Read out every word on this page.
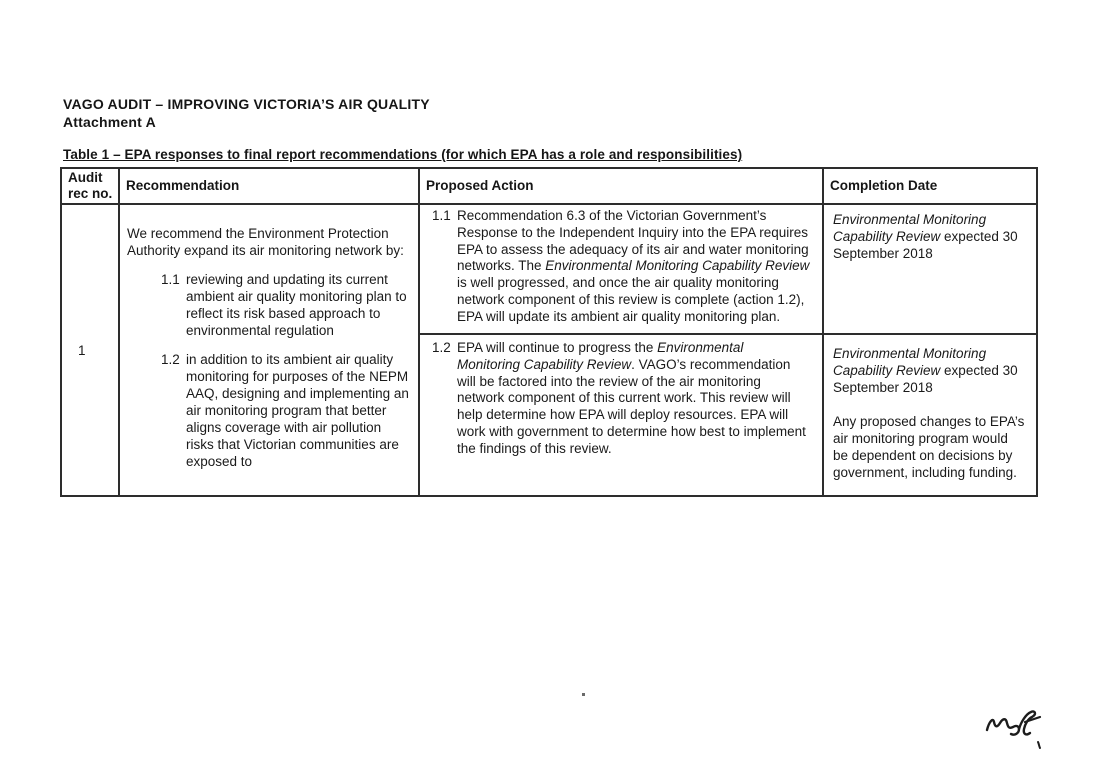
VAGO AUDIT – IMPROVING VICTORIA’S AIR QUALITY
Attachment A
Table 1 – EPA responses to final report recommendations (for which EPA has a role and responsibilities)
Audit rec no.
Recommendation	Proposed Action	Completion Date
1
We recommend the Environment Protection Authority expand its air monitoring network by:
1.1 reviewing and updating its current ambient air quality monitoring plan to reflect its risk based approach to environmental regulation
1.2 in addition to its ambient air quality monitoring for purposes of the NEPM AAQ, designing and implementing an air monitoring program that better aligns coverage with air pollution risks that Victorian communities are exposed to
1.1 Recommendation 6.3 of the Victorian Government’s Response to the Independent Inquiry into the EPA requires EPA to assess the adequacy of its air and water monitoring networks. The Environmental Monitoring Capability Review is well progressed, and once the air quality monitoring network component of this review is complete (action 1.2), EPA will update its ambient air quality monitoring plan.
Environmental Monitoring Capability Review expected 30 September 2018
1.2 EPA will continue to progress the Environmental Monitoring Capability Review. VAGO’s recommendation will be factored into the review of the air monitoring network component of this current work. This review will help determine how EPA will deploy resources. EPA will work with government to determine how best to implement the findings of this review.
Environmental Monitoring Capability Review expected 30 September 2018
Any proposed changes to EPA’s air monitoring program would be dependent on decisions by government, including funding.
